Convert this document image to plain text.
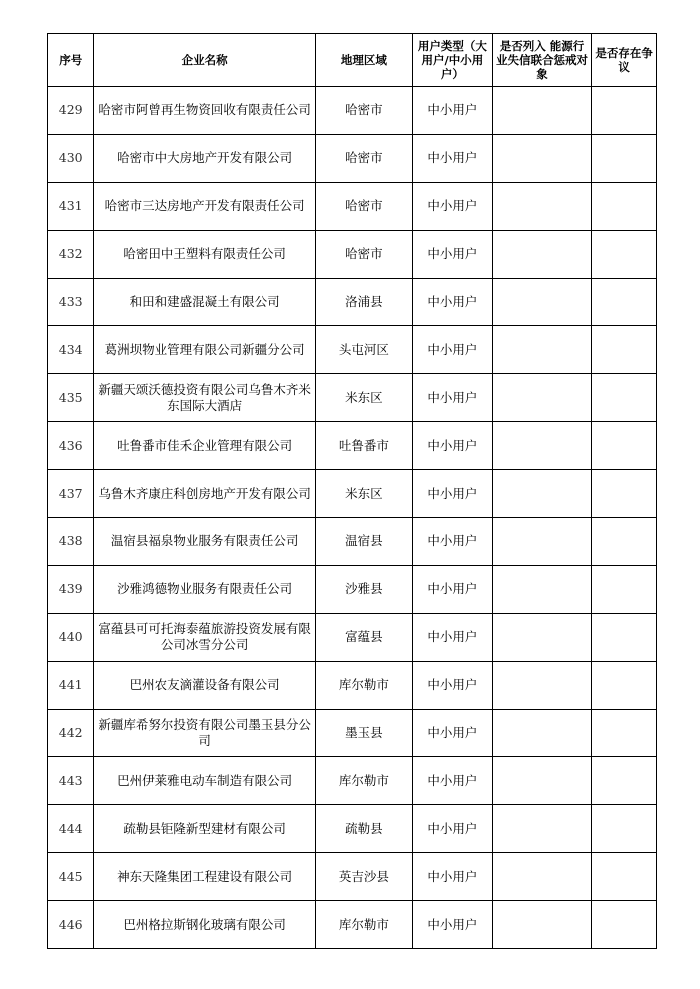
序号	企业名称	地理区域	用户类型（大用户/中小用户）	是否列入 能源行业失信联合惩戒对象	是否存在争议
429	哈密市阿曾再生物资回收有限责任公司	哈密市	中小用户		
430	哈密市中大房地产开发有限公司	哈密市	中小用户		
431	哈密市三达房地产开发有限责任公司	哈密市	中小用户		
432	哈密田中王塑料有限责任公司	哈密市	中小用户		
433	和田和建盛混凝土有限公司	洛浦县	中小用户		
434	葛洲坝物业管理有限公司新疆分公司	头屯河区	中小用户		
435	新疆天颂沃德投资有限公司乌鲁木齐米东国际大酒店	米东区	中小用户		
436	吐鲁番市佳禾企业管理有限公司	吐鲁番市	中小用户		
437	乌鲁木齐康庄科创房地产开发有限公司	米东区	中小用户		
438	温宿县福泉物业服务有限责任公司	温宿县	中小用户		
439	沙雅鸿德物业服务有限责任公司	沙雅县	中小用户		
440	富蕴县可可托海泰蕴旅游投资发展有限公司冰雪分公司	富蕴县	中小用户		
441	巴州农友滴灌设备有限公司	库尔勒市	中小用户		
442	新疆库希努尔投资有限公司墨玉县分公司	墨玉县	中小用户		
443	巴州伊莱雅电动车制造有限公司	库尔勒市	中小用户		
444	疏勒县钜隆新型建材有限公司	疏勒县	中小用户		
445	神东天隆集团工程建设有限公司	英吉沙县	中小用户		
446	巴州格拉斯钢化玻璃有限公司	库尔勒市	中小用户		
